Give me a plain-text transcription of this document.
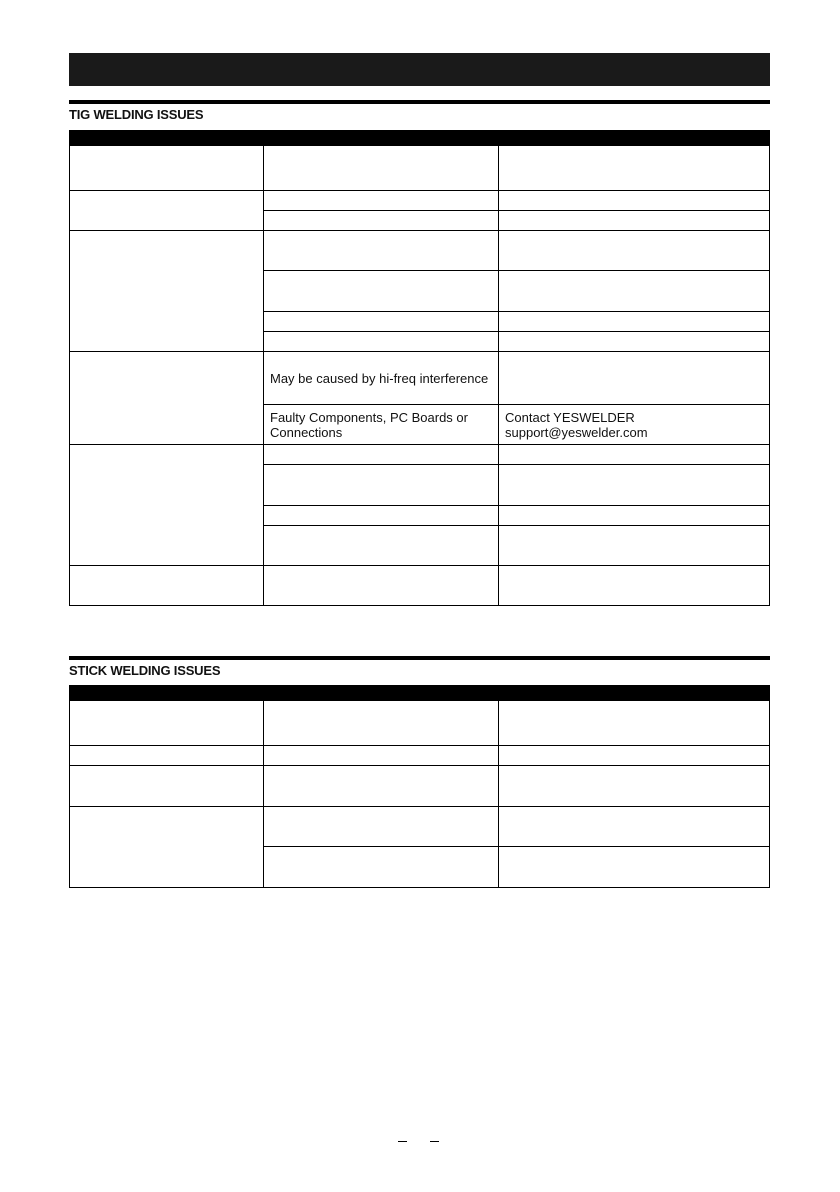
TIG WELDING ISSUES

	May be caused by hi-freq interference	
	Faulty Components, PC Boards or Connections	Contact YESWELDER support@yeswelder.com

STICK WELDING ISSUES
